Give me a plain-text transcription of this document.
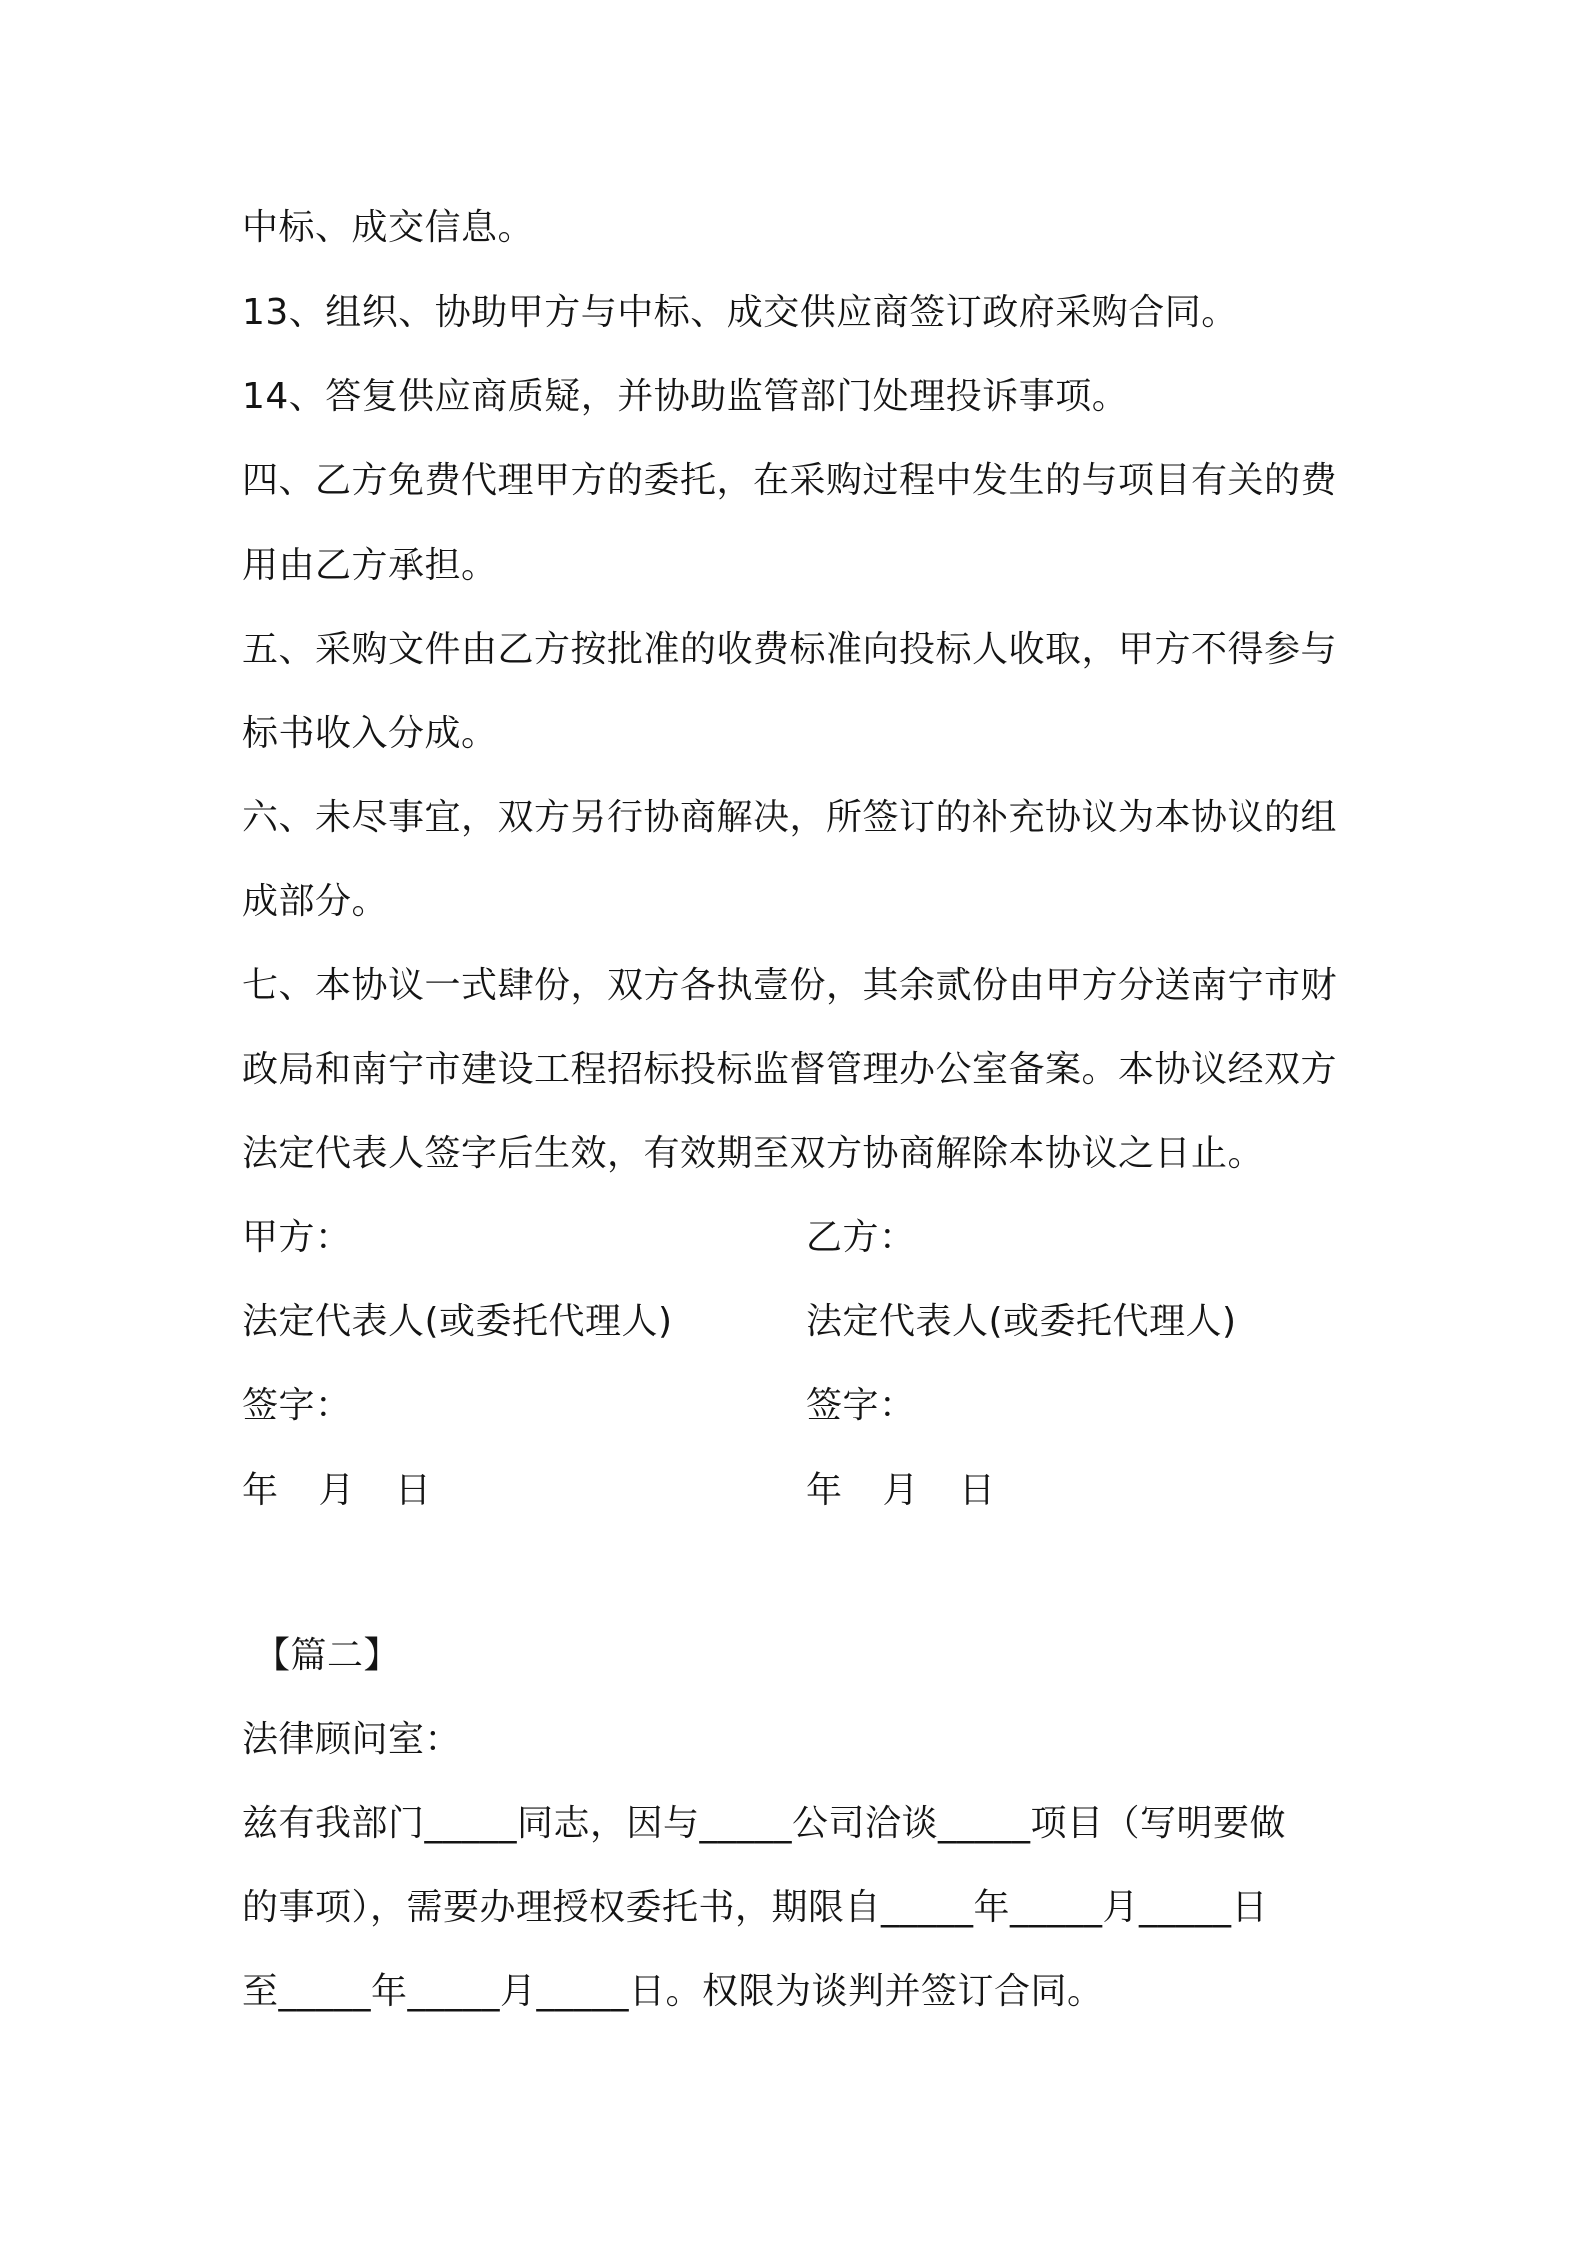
中标、成交信息。
13、组织、协助甲方与中标、成交供应商签订政府采购合同。
14、答复供应商质疑，并协助监管部门处理投诉事项。
四、乙方免费代理甲方的委托，在采购过程中发生的与项目有关的费
用由乙方承担。
五、采购文件由乙方按批准的收费标准向投标人收取，甲方不得参与
标书收入分成。
六、未尽事宜，双方另行协商解决，所签订的补充协议为本协议的组
成部分。
七、本协议一式肆份，双方各执壹份，其余贰份由甲方分送南宁市财
政局和南宁市建设工程招标投标监督管理办公室备案。本协议经双方
法定代表人签字后生效，有效期至双方协商解除本协议之日止。
甲方：
法定代表人(或委托代理人)
签字：
年 月 日
乙方：
法定代表人(或委托代理人)
签字：
年 月 日
【篇二】
法律顾问室：
兹有我部门_____同志，因与_____公司洽谈_____项目（写明要做
的事项），需要办理授权委托书，期限自_____年_____月_____日
至_____年_____月_____日。权限为谈判并签订合同。
